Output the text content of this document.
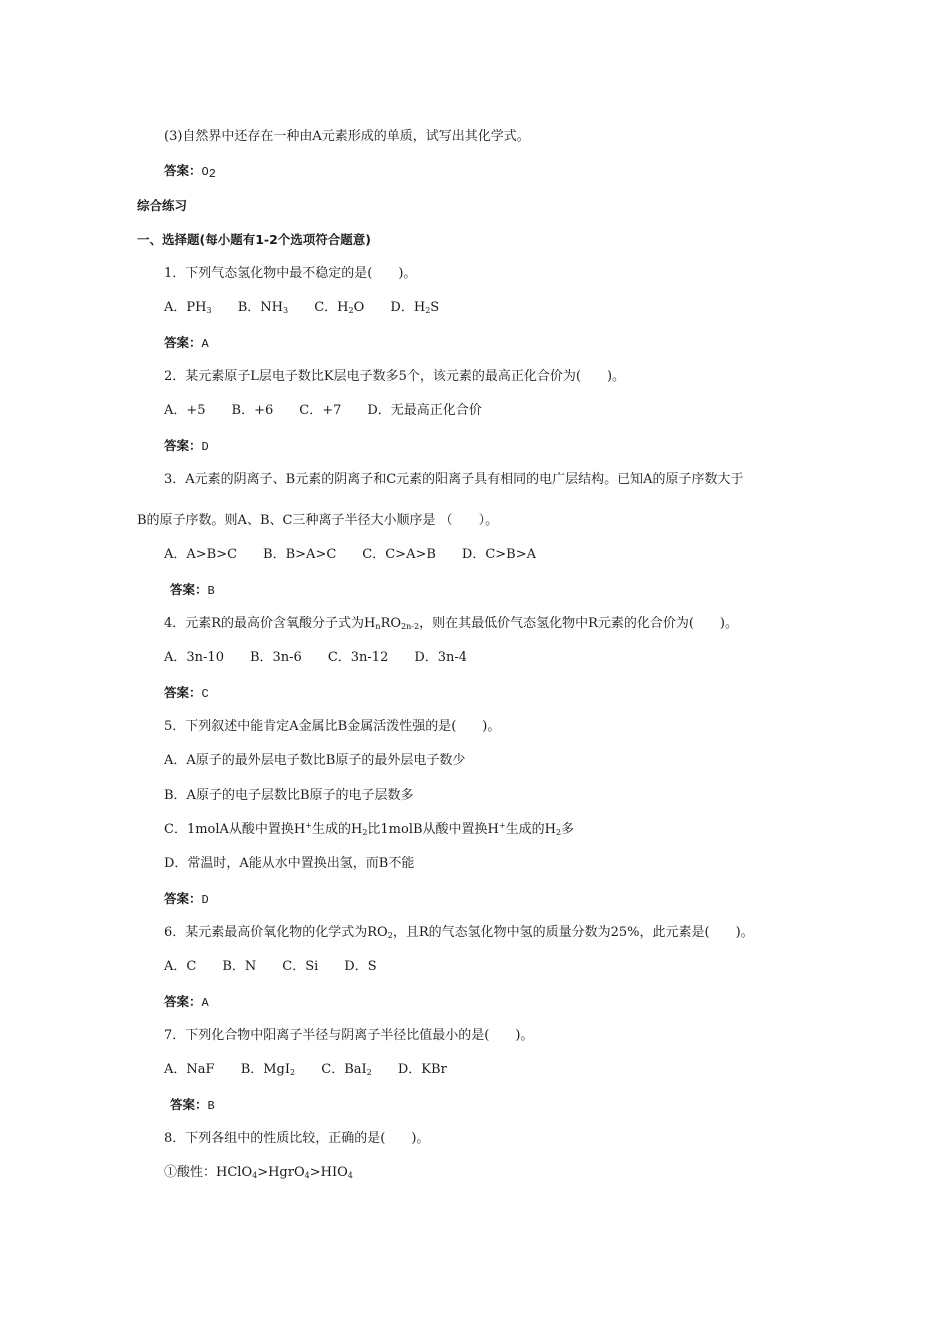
(3)自然界中还存在一种由A元素形成的单质，试写出其化学式。
答案：$O_2$
综合练习
一、选择题(每小题有1-2个选项符合题意)
1．下列气态氢化物中最不稳定的是(　　)。
A．$PH_3$ B．$NH_3$ C．$H_2O$ D．$H_2S$
答案：A
2．某元素原子L层电子数比K层电子数多5个，该元素的最高正化合价为(　　)。
A．+5　　B．+6　　C．+7　　D．无最高正化合价
答案：D
3．A元素的阴离子、B元素的阴离子和C元素的阳离子具有相同的电广层结构。已知A的原子序数大于
B的原子序数。则A、B、C三种离子半径大小顺序是 （　　）。
A．A>B>C　　B．B>A>C　　C．C>A>B　　D．C>B>A
答案：B
4．元素R的最高价含氧酸分子式为$H_nRO_{2n-2}$，则在其最低价气态氢化物中R元素的化合价为(　　)。
A．3n-10　　B．3n-6　　C．3n-12　　D．3n-4
答案：C
5．下列叙述中能肯定A金属比B金属活泼性强的是(　　)。
A．A原子的最外层电子数比B原子的最外层电子数少
B．A原子的电子层数比B原子的电子层数多
C．1molA从酸中置换H+生成的$H_2$比1molB从酸中置换H+生成的$H_2$多
D．常温时，A能从水中置换出氢，而B不能
答案：D
6．某元素最高价氧化物的化学式为$RO_2$，且R的气态氢化物中氢的质量分数为25%，此元素是(　　)。
A．C　　B．N　　C．Si　　D．S
答案：A
7．下列化合物中阳离子半径与阴离子半径比值最小的是(　　)。
A．NaF B．MgI$_2$ C．BaI$_2$ D．KBr
答案：B
8．下列各组中的性质比较，正确的是(　　)。
①酸性：$HClO_4>HgrO_4>HIO_4$
